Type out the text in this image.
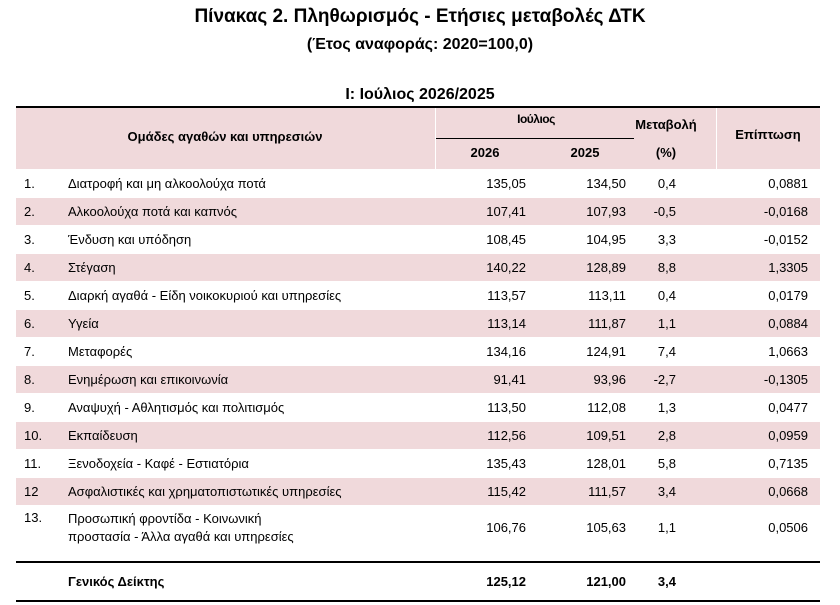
Πίνακας 2. Πληθωρισμός - Ετήσιες μεταβολές ΔΤΚ
(Έτος αναφοράς: 2020=100,0)
Ι: Ιούλιος 2026/2025
Ομάδες αγαθών και υπηρεσιών
Ιούλιος
2026	2025
Μεταβολή
(%)
Επίπτωση
1.	Διατροφή και μη αλκοολούχα ποτά	135,05	134,50	0,4	0,0881
2.	Αλκοολούχα ποτά και καπνός	107,41	107,93	-0,5	-0,0168
3.	Ένδυση και υπόδηση	108,45	104,95	3,3	-0,0152
4.	Στέγαση	140,22	128,89	8,8	1,3305
5.	Διαρκή αγαθά - Είδη νοικοκυριού και υπηρεσίες	113,57	113,11	0,4	0,0179
6.	Υγεία	113,14	111,87	1,1	0,0884
7.	Μεταφορές	134,16	124,91	7,4	1,0663
8.	Ενημέρωση και επικοινωνία	91,41	93,96	-2,7	-0,1305
9.	Αναψυχή - Αθλητισμός και πολιτισμός	113,50	112,08	1,3	0,0477
10.	Εκπαίδευση	112,56	109,51	2,8	0,0959
11.	Ξενοδοχεία - Καφέ - Εστιατόρια	135,43	128,01	5,8	0,7135
12	Ασφαλιστικές και χρηματοπιστωτικές υπηρεσίες	115,42	111,57	3,4	0,0668
13.	Προσωπική φροντίδα - Κοινωνική
προστασία - Άλλα αγαθά και υπηρεσίες
106,76	105,63	1,1	0,0506
Γενικός Δείκτης	125,12	121,00	3,4
